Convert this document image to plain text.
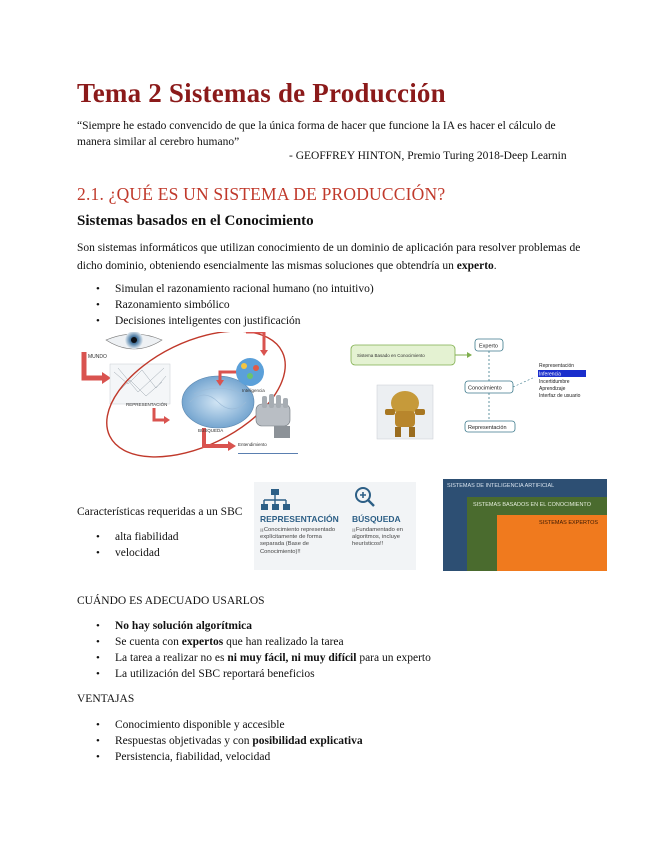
Tema 2 Sistemas de Producción
“Siempre he estado convencido de que la única forma de hacer que funcione la IA es hacer el cálculo de manera similar al cerebro humano”
- GEOFFREY HINTON, Premio Turing 2018-Deep Learnin
2.1. ¿QUÉ ES UN SISTEMA DE PRODUCCIÓN?
Sistemas basados en el Conocimiento
Son sistemas informáticos que utilizan conocimiento de un dominio de aplicación para resolver problemas de dicho dominio, obteniendo esencialmente las mismas soluciones que obtendría un experto.
• Simulan el razonamiento racional humano (no intuitivo)
• Razonamiento simbólico
• Decisiones inteligentes con justificación
MUNDO
REPRESENTACIÓN
BÚSQUEDA
Entendimiento
Inteligencia
Sistema Basado en Conocimiento
Experto
Conocimiento
Representación
Representación
Inferencia
Incertidumbre
Aprendizaje
Interfaz de usuario
Características requeridas a un SBC
• alta fiabilidad
• velocidad
REPRESENTACIÓN
¡¡Conocimiento representado explícitamente de forma separada (Base de Conocimiento)!!
BÚSQUEDA
¡¡Fundamentado en algoritmos, incluye heurísticos!!
SISTEMAS DE INTELIGENCIA ARTIFICIAL
SISTEMAS BASADOS EN EL CONOCIMIENTO
SISTEMAS EXPERTOS
CUÁNDO ES ADECUADO USARLOS
• No hay solución algorítmica
• Se cuenta con expertos que han realizado la tarea
• La tarea a realizar no es ni muy fácil, ni muy difícil para un experto
• La utilización del SBC reportará beneficios
VENTAJAS
• Conocimiento disponible y accesible
• Respuestas objetivadas y con posibilidad explicativa
• Persistencia, fiabilidad, velocidad
